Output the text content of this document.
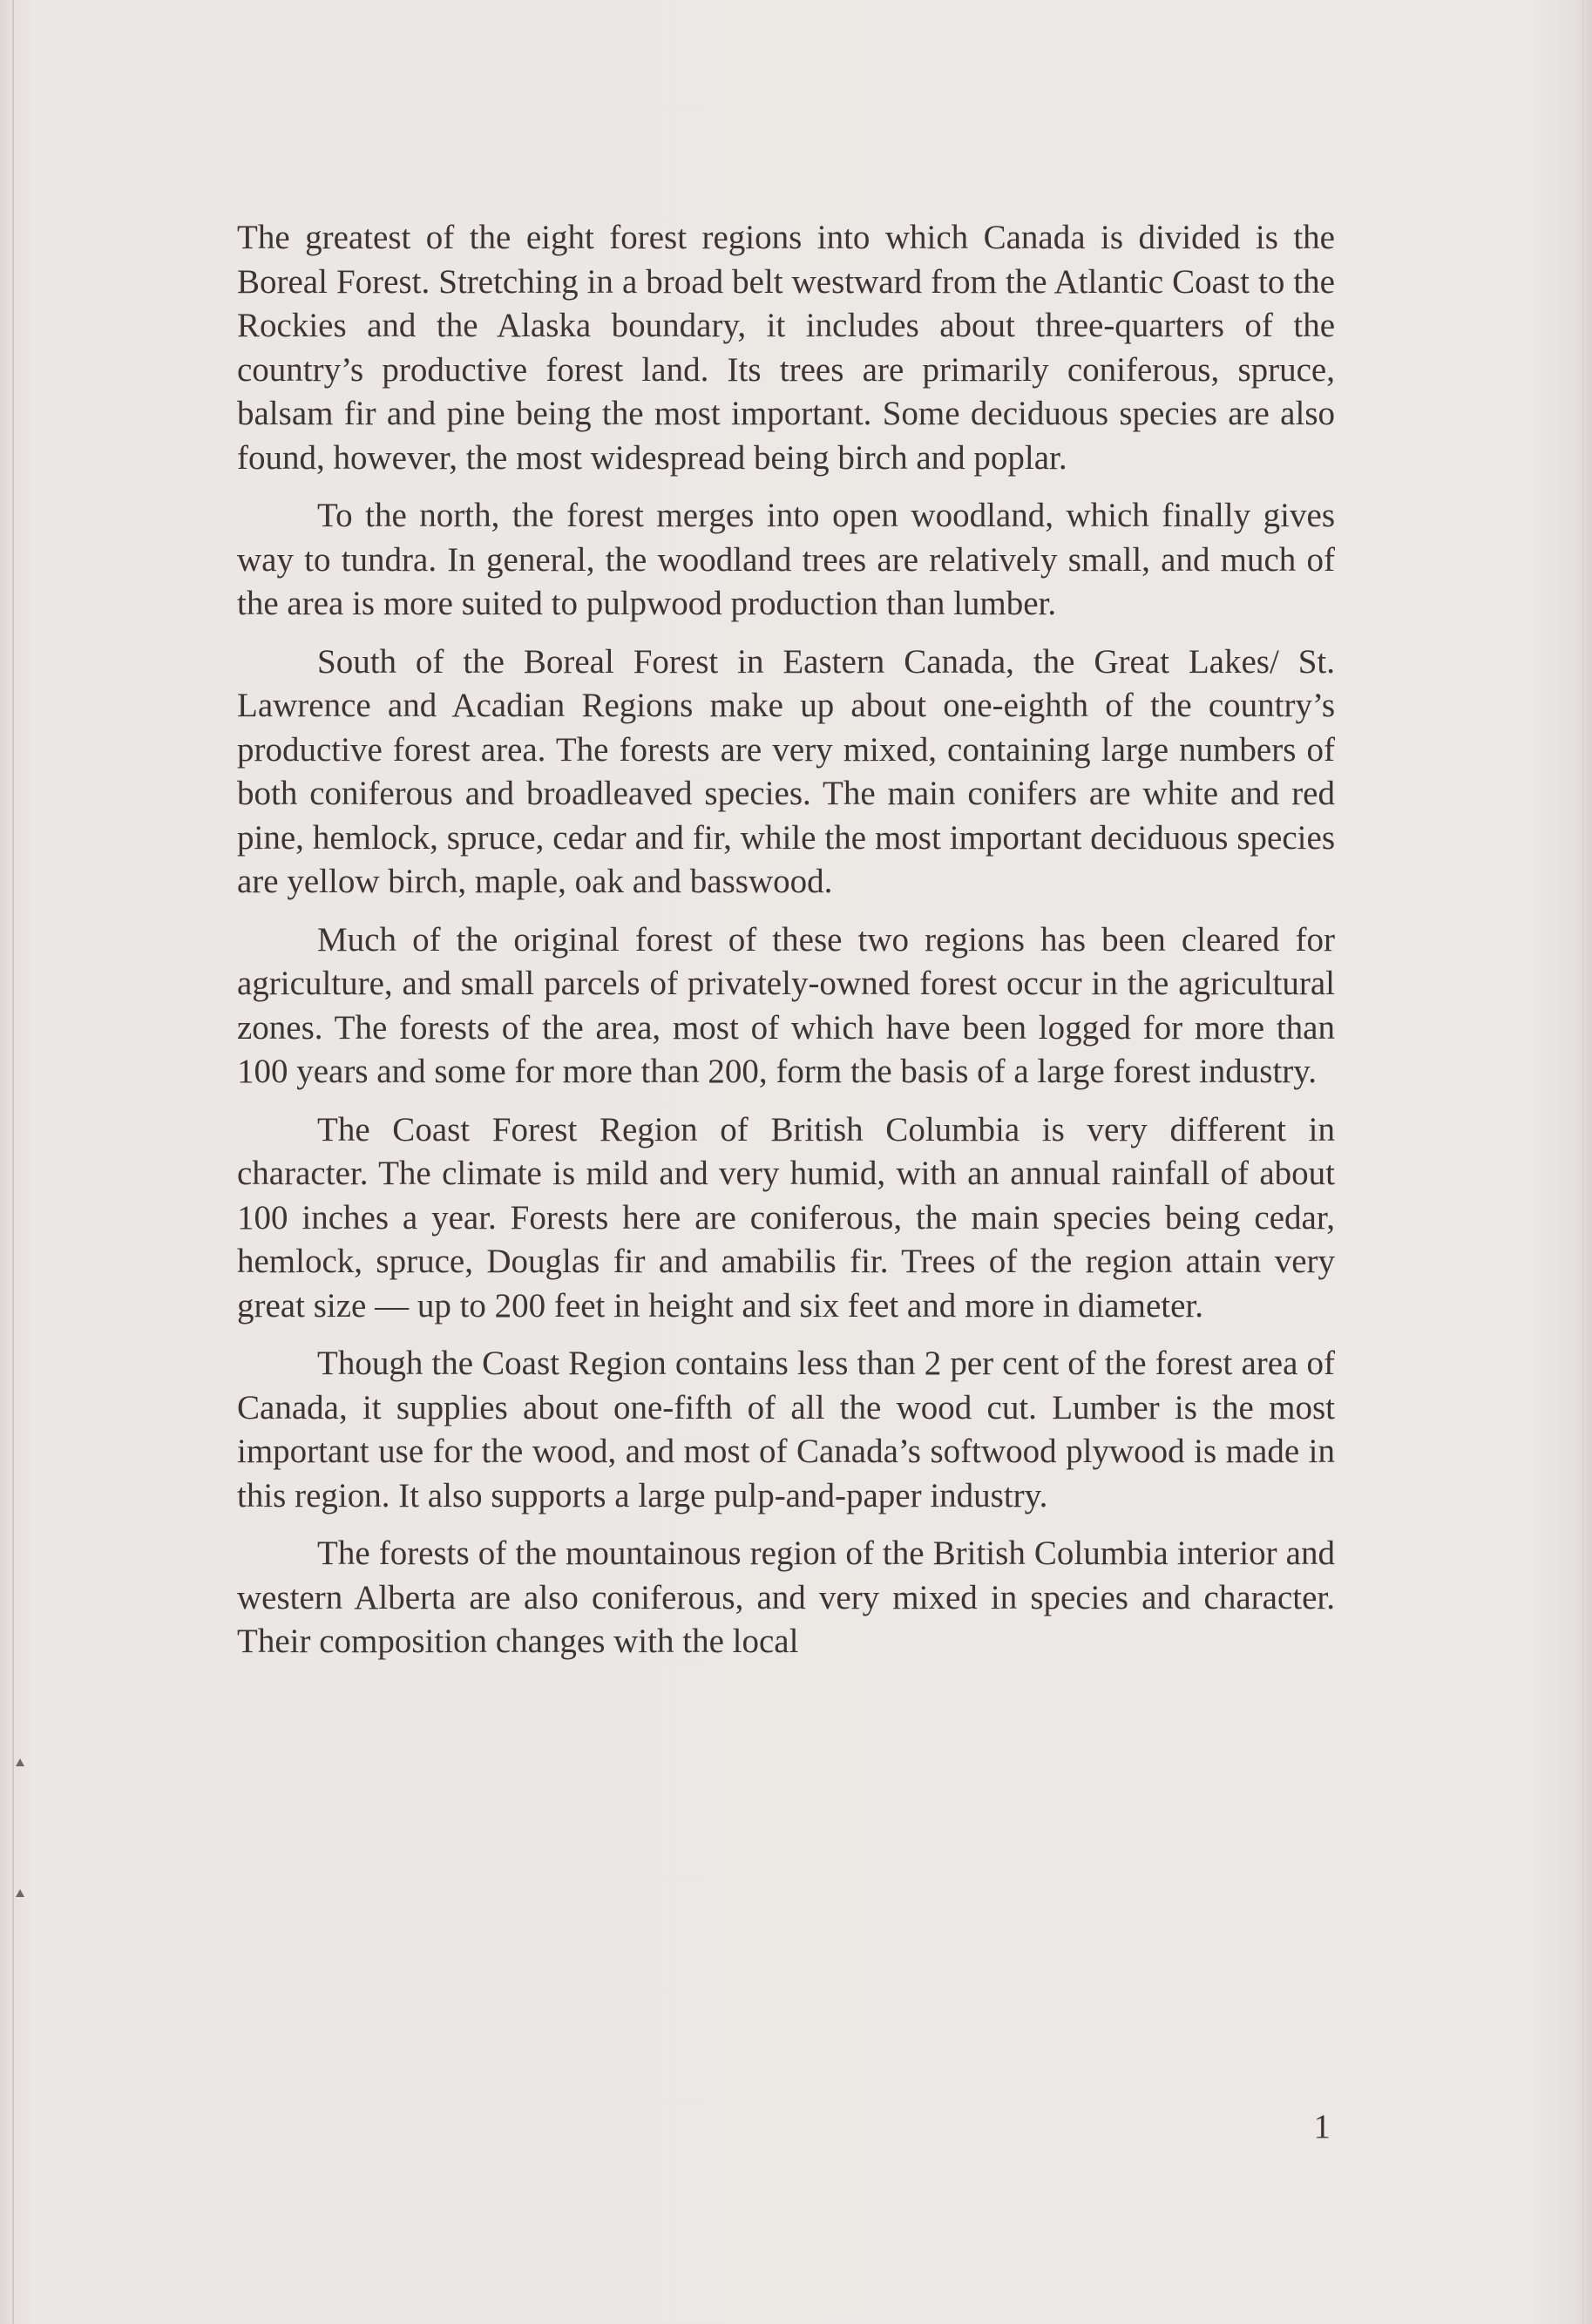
The greatest of the eight forest regions into which Canada is divided is the Boreal Forest. Stretching in a broad belt westward from the Atlantic Coast to the Rockies and the Alaska boundary, it includes about three-quarters of the country’s productive forest land. Its trees are primarily coniferous, spruce, balsam fir and pine being the most important. Some deciduous species are also found, however, the most widespread being birch and poplar.

To the north, the forest merges into open woodland, which finally gives way to tundra. In general, the woodland trees are relatively small, and much of the area is more suited to pulpwood production than lumber.

South of the Boreal Forest in Eastern Canada, the Great Lakes/ St. Lawrence and Acadian Regions make up about one-eighth of the country’s productive forest area. The forests are very mixed, containing large numbers of both coniferous and broadleaved species. The main conifers are white and red pine, hemlock, spruce, cedar and fir, while the most important deciduous species are yellow birch, maple, oak and basswood.

Much of the original forest of these two regions has been cleared for agriculture, and small parcels of privately-owned forest occur in the agricultural zones. The forests of the area, most of which have been logged for more than 100 years and some for more than 200, form the basis of a large forest industry.

The Coast Forest Region of British Columbia is very different in character. The climate is mild and very humid, with an annual rainfall of about 100 inches a year. Forests here are coniferous, the main species being cedar, hemlock, spruce, Douglas fir and amabilis fir. Trees of the region attain very great size — up to 200 feet in height and six feet and more in diameter.

Though the Coast Region contains less than 2 per cent of the forest area of Canada, it supplies about one-fifth of all the wood cut. Lumber is the most important use for the wood, and most of Canada’s softwood plywood is made in this region. It also supports a large pulp-and-paper industry.

The forests of the mountainous region of the British Columbia interior and western Alberta are also coniferous, and very mixed in species and character. Their composition changes with the local

1
